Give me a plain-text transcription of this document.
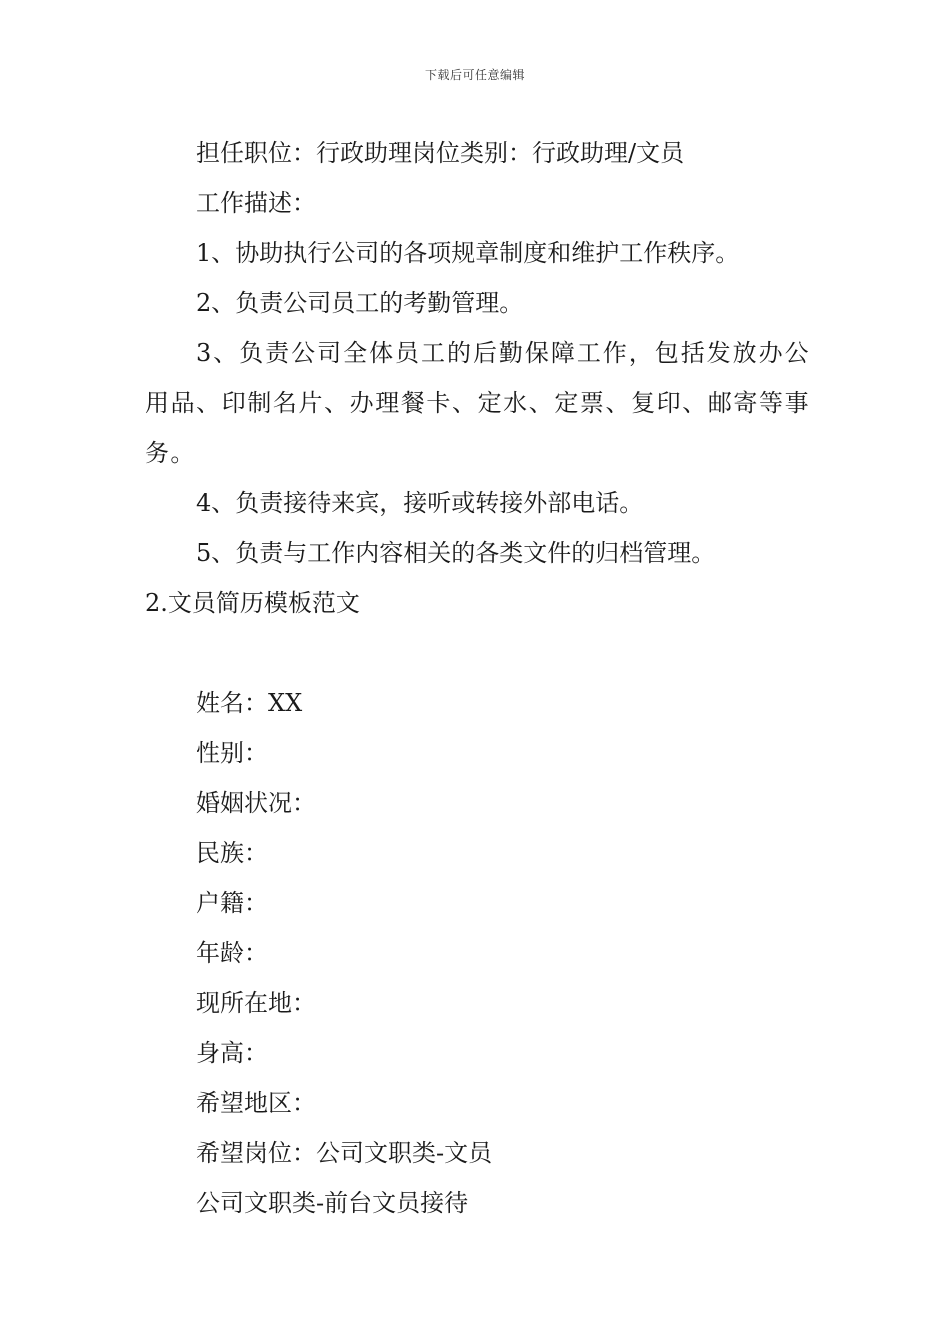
下载后可任意编辑

担任职位：行政助理岗位类别：行政助理/文员

工作描述：

1、协助执行公司的各项规章制度和维护工作秩序。

2、负责公司员工的考勤管理。

3、负责公司全体员工的后勤保障工作，包括发放办公用品、印制名片、办理餐卡、定水、定票、复印、邮寄等事务。

4、负责接待来宾，接听或转接外部电话。

5、负责与工作内容相关的各类文件的归档管理。

2.文员简历模板范文

姓名：XX

性别：

婚姻状况：

民族：

户籍：

年龄：

现所在地：

身高：

希望地区：

希望岗位：公司文职类-文员

公司文职类-前台文员接待
